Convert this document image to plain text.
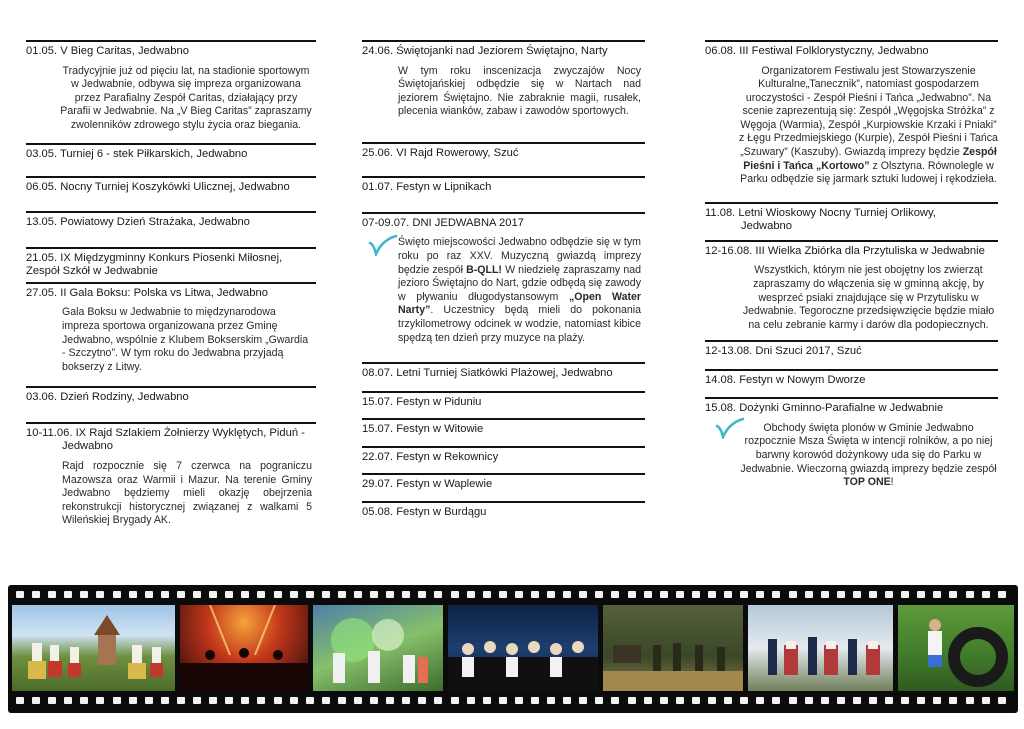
01.05. V Bieg Caritas, Jedwabno
Tradycyjnie już od pięciu lat, na stadionie sportowym w Jedwabnie, odbywa się impreza organizowana przez Parafialny Zespół Caritas, działający przy Parafii w Jedwabnie. Na „V Bieg Caritas” zapraszamy zwolenników zdrowego stylu życia oraz biegania.
03.05. Turniej 6 - stek Piłkarskich, Jedwabno
06.05. Nocny Turniej Koszykówki Ulicznej, Jedwabno
13.05. Powiatowy Dzień Strażaka, Jedwabno
21.05. IX Międzygminny Konkurs Piosenki Miłosnej,
Zespół Szkół w Jedwabnie
27.05. II Gala Boksu: Polska vs Litwa, Jedwabno
Gala Boksu w Jedwabnie to międzynarodowa impreza sportowa organizowana przez Gminę Jedwabno, wspólnie z Klubem Bokserskim „Gwardia - Szczytno”. W tym roku do Jedwabna przyjadą bokserzy z Litwy.
03.06. Dzień Rodziny, Jedwabno
10-11.06. IX Rajd Szlakiem Żołnierzy Wyklętych, Piduń -
Jedwabno
Rajd rozpocznie się 7 czerwca na pograniczu Mazowsza oraz Warmii i Mazur. Na terenie Gminy Jedwabno będziemy mieli okazję obejrzenia rekonstrukcji historycznej związanej z walkami 5 Wileńskiej Brygady AK.
24.06. Świętojanki nad Jeziorem Świętajno, Narty
W tym roku inscenizacja zwyczajów Nocy Świętojańskiej odbędzie się w Nartach nad jeziorem Świętajno. Nie zabraknie magii, rusałek, plecenia wianków, zabaw i zawodów sportowych.
25.06. VI Rajd Rowerowy, Szuć
01.07. Festyn w Lipnikach
07-09.07. DNI JEDWABNA 2017
Święto miejscowości Jedwabno odbędzie się w tym roku po raz XXV. Muzyczną gwiazdą imprezy będzie zespół B-QLL! W niedzielę zapraszamy nad jezioro Świętajno do Nart, gdzie odbędą się zawody w pływaniu długodystansowym „Open Water Narty”. Uczestnicy będą mieli do pokonania trzykilometrowy odcinek w wodzie, natomiast kibice spędzą ten dzień przy muzyce na plaży.
08.07. Letni Turniej Siatkówki Plażowej, Jedwabno
15.07. Festyn w Piduniu
15.07. Festyn w Witowie
22.07. Festyn w Rekownicy
29.07. Festyn w Waplewie
05.08. Festyn w Burdągu
06.08. III Festiwal Folklorystyczny, Jedwabno
Organizatorem Festiwalu jest Stowarzyszenie Kulturalne„Tanecznik”, natomiast gospodarzem uroczystości - Zespół Pieśni i Tańca „Jedwabno”. Na scenie zaprezentują się: Zespół „Węgojska Stróżka” z Węgoja (Warmia), Zespół „Kurpiowskie Krzaki i Pniaki” z Łęgu Przedmiejskiego (Kurpie), Zespół Pieśni i Tańca „Szuwary” (Kaszuby). Gwiazdą imprezy będzie Zespół Pieśni i Tańca „Kortowo” z Olsztyna. Równolegle w Parku odbędzie się jarmark sztuki ludowej i rękodzieła.
11.08. Letni Wioskowy Nocny Turniej Orlikowy,
Jedwabno
12-16.08. III Wielka Zbiórka dla Przytuliska w Jedwabnie
Wszystkich, którym nie jest obojętny los zwierząt zapraszamy do włączenia się w gminną akcję, by wesprzeć psiaki znajdujące się w Przytulisku w Jedwabnie. Tegoroczne przedsięwzięcie będzie miało na celu zebranie karmy i darów dla podopiecznych.
12-13.08. Dni Szuci 2017, Szuć
14.08. Festyn w Nowym Dworze
15.08. Dożynki Gminno-Parafialne w Jedwabnie
Obchody święta plonów w Gminie Jedwabno rozpocznie Msza Święta w intencji rolników, a po niej barwny korowód dożynkowy uda się do Parku w Jedwabnie. Wieczorną gwiazdą imprezy będzie zespół TOP ONE!
